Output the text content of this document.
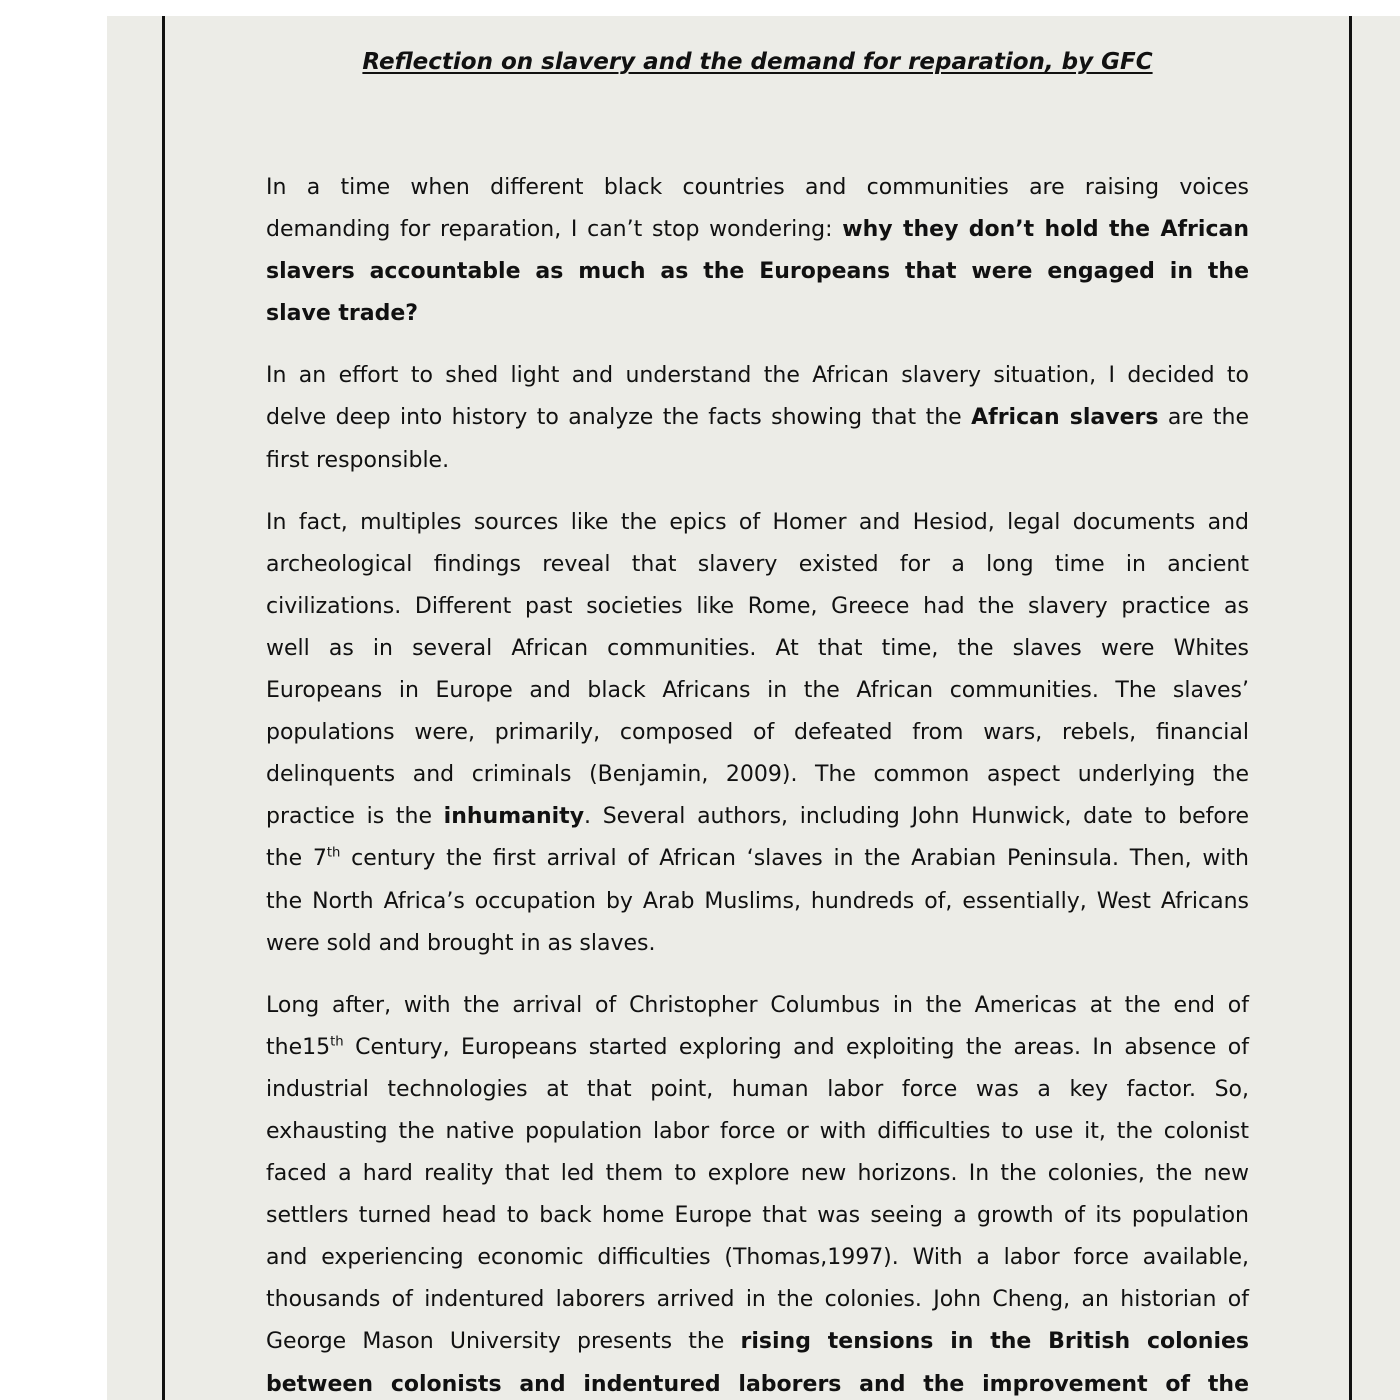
Reflection on slavery and the demand for reparation, by GFC
In a time when different black countries and communities are raising voices
demanding for reparation, I can’t stop wondering: why they don’t hold the African
slavers accountable as much as the Europeans that were engaged in the
slave trade?
In an effort to shed light and understand the African slavery situation, I decided to
delve deep into history to analyze the facts showing that the African slavers are the
first responsible.
In fact, multiples sources like the epics of Homer and Hesiod, legal documents and
archeological findings reveal that slavery existed for a long time in ancient
civilizations. Different past societies like Rome, Greece had the slavery practice as
well as in several African communities. At that time, the slaves were Whites
Europeans in Europe and black Africans in the African communities. The slaves’
populations were, primarily, composed of defeated from wars, rebels, financial
delinquents and criminals (Benjamin, 2009). The common aspect underlying the
practice is the inhumanity. Several authors, including John Hunwick, date to before
the 7th century the first arrival of African ‘slaves in the Arabian Peninsula. Then, with
the North Africa’s occupation by Arab Muslims, hundreds of, essentially, West Africans
were sold and brought in as slaves.
Long after, with the arrival of Christopher Columbus in the Americas at the end of
the15th Century, Europeans started exploring and exploiting the areas. In absence of
industrial technologies at that point, human labor force was a key factor. So,
exhausting the native population labor force or with difficulties to use it, the colonist
faced a hard reality that led them to explore new horizons. In the colonies, the new
settlers turned head to back home Europe that was seeing a growth of its population
and experiencing economic difficulties (Thomas,1997). With a labor force available,
thousands of indentured laborers arrived in the colonies. John Cheng, an historian of
George Mason University presents the rising tensions in the British colonies
between colonists and indentured laborers and the improvement of the
